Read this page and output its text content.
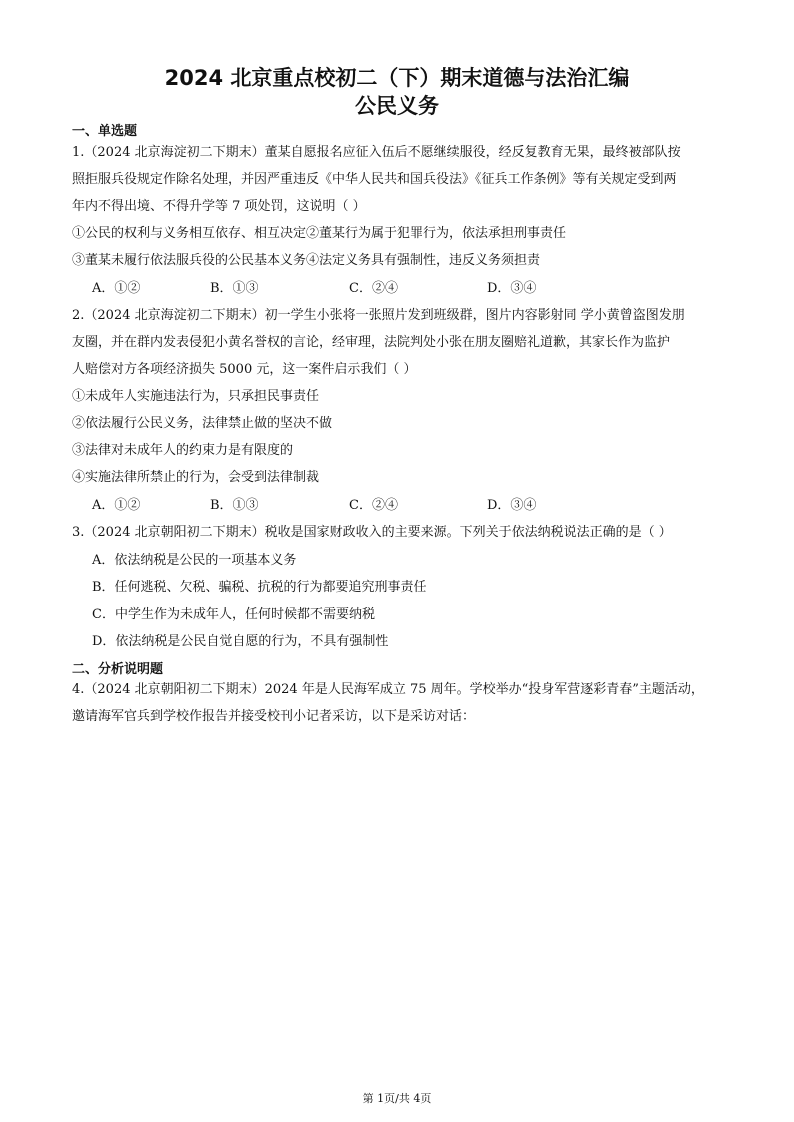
2024 北京重点校初二（下）期末道德与法治汇编
公民义务
一、单选题
1.（2024 北京海淀初二下期末）董某自愿报名应征入伍后不愿继续服役，经反复教育无果，最终被部队按
照拒服兵役规定作除名处理，并因严重违反《中华人民共和国兵役法》《征兵工作条例》等有关规定受到两
年内不得出境、不得升学等 7 项处罚，这说明（ ）
①公民的权利与义务相互依存、相互决定②董某行为属于犯罪行为，依法承担刑事责任
③董某未履行依法服兵役的公民基本义务④法定义务具有强制性，违反义务须担责
A．①②	B．①③	C．②④	D．③④
2.（2024 北京海淀初二下期末）初一学生小张将一张照片发到班级群，图片内容影射同 学小黄曾盗图发朋
友圈，并在群内发表侵犯小黄名誉权的言论，经审理，法院判处小张在朋友圈赔礼道歉，其家长作为监护
人赔偿对方各项经济损失 5000 元，这一案件启示我们（ ）
①未成年人实施违法行为，只承担民事责任
②依法履行公民义务，法律禁止做的坚决不做
③法律对未成年人的约束力是有限度的
④实施法律所禁止的行为，会受到法律制裁
A．①②	B．①③	C．②④	D．③④
3.（2024 北京朝阳初二下期末）税收是国家财政收入的主要来源。下列关于依法纳税说法正确的是（ ）
A．依法纳税是公民的一项基本义务
B．任何逃税、欠税、骗税、抗税的行为都要追究刑事责任
C．中学生作为未成年人，任何时候都不需要纳税
D．依法纳税是公民自觉自愿的行为，不具有强制性
二、分析说明题
4.（2024 北京朝阳初二下期末）2024 年是人民海军成立 75 周年。学校举办“投身军营逐彩青春”主题活动，
邀请海军官兵到学校作报告并接受校刊小记者采访，以下是采访对话：
第 1页/共 4页
